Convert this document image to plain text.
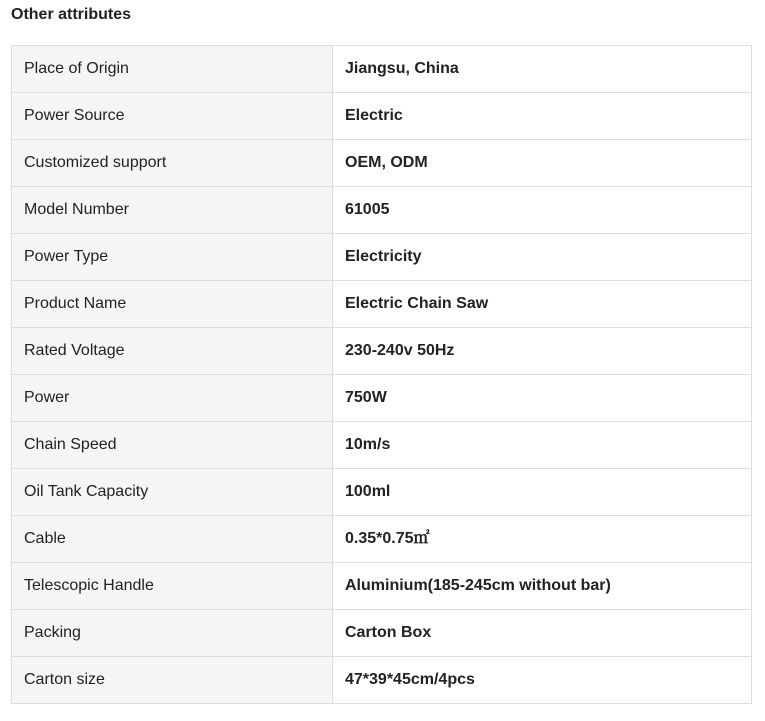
Other attributes
Place of Origin	Jiangsu, China
Power Source	Electric
Customized support	OEM, ODM
Model Number	61005
Power Type	Electricity
Product Name	Electric Chain Saw
Rated Voltage	230-240v 50Hz
Power	750W
Chain Speed	10m/s
Oil Tank Capacity	100ml
Cable	0.35*0.75㎡
Telescopic Handle	Aluminium(185-245cm without bar)
Packing	Carton Box
Carton size	47*39*45cm/4pcs
